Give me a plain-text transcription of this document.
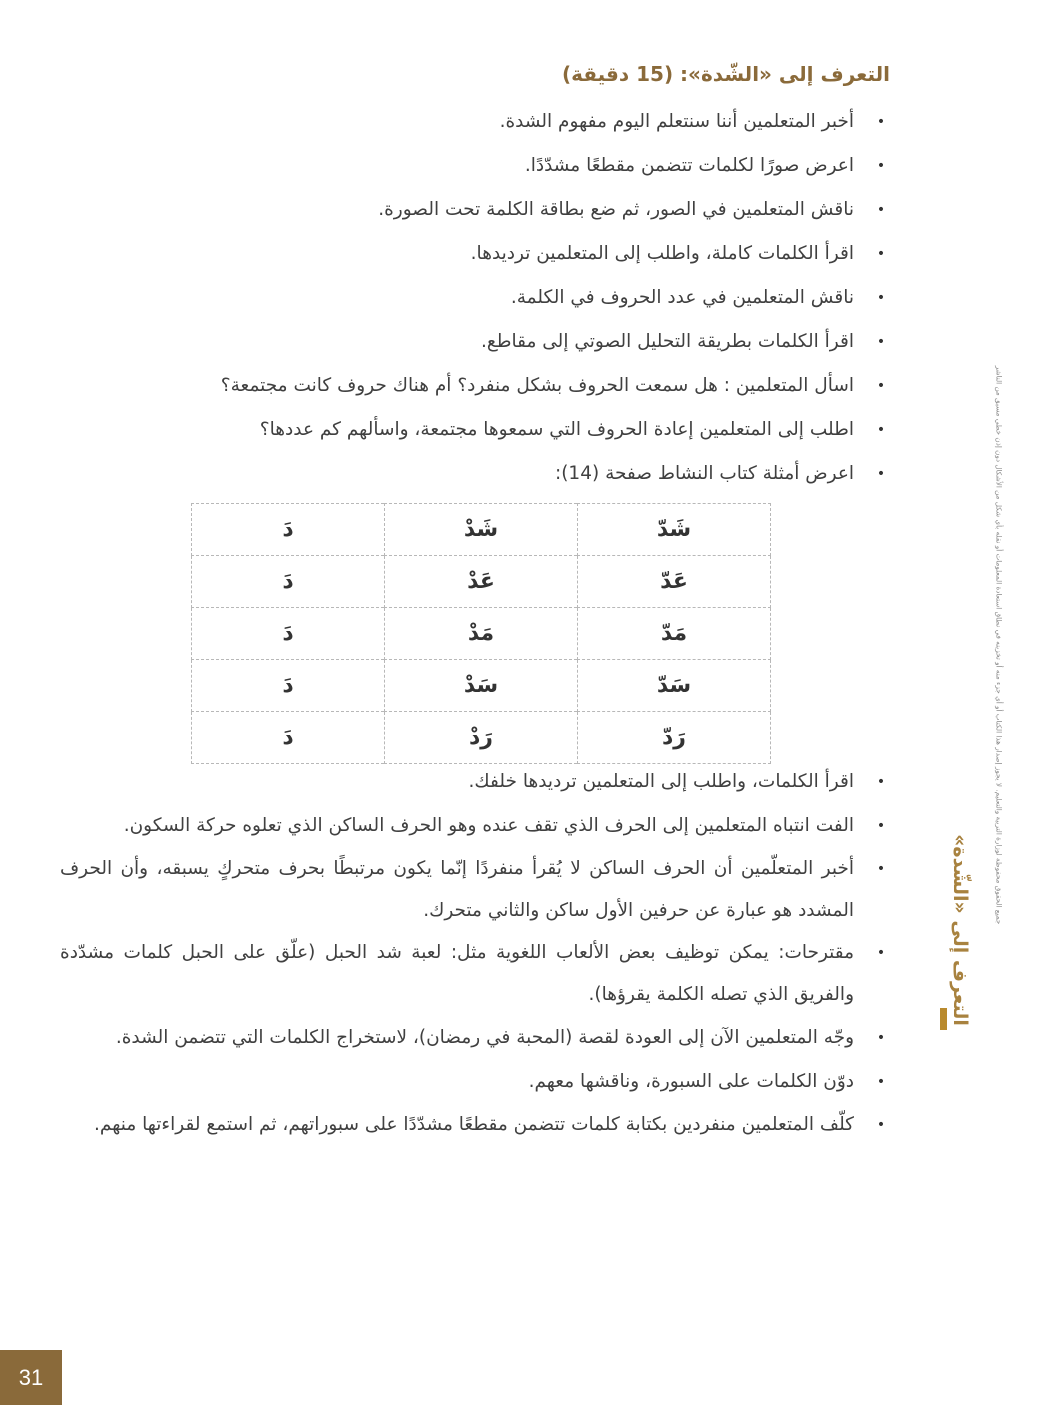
التعرف إلى «الشّدة»: (15 دقيقة)
•
أخبر المتعلمين أننا سنتعلم اليوم مفهوم الشدة.
•
اعرض صورًا لكلمات تتضمن مقطعًا مشدّدًا.
•
ناقش المتعلمين في الصور، ثم ضع بطاقة الكلمة تحت الصورة.
•
اقرأ الكلمات كاملة، واطلب إلى المتعلمين ترديدها.
•
ناقش المتعلمين في عدد الحروف في الكلمة.
•
اقرأ الكلمات بطريقة التحليل الصوتي إلى مقاطع.
•
اسأل المتعلمين : هل سمعت الحروف بشكل منفرد؟ أم هناك حروف كانت مجتمعة؟
•
اطلب إلى المتعلمين إعادة الحروف التي سمعوها مجتمعة، واسألهم كم عددها؟
•
اعرض أمثلة كتاب النشاط صفحة (14):
شَدّ	شَدْ	دَ
عَدّ	عَدْ	دَ
مَدّ	مَدْ	دَ
سَدّ	سَدْ	دَ
رَدّ	رَدْ	دَ
•
اقرأ الكلمات، واطلب إلى المتعلمين ترديدها خلفك.
•
الفت انتباه المتعلمين إلى الحرف الذي تقف عنده وهو الحرف الساكن الذي تعلوه حركة السكون.
•
أخبر المتعلّمين أن الحرف الساكن لا يُقرأ منفردًا إنّما يكون مرتبطًا بحرف متحركٍ يسبقه، وأن الحرف المشدد هو عبارة عن حرفين الأول ساكن والثاني متحرك.
•
مقترحات: يمكن توظيف بعض الألعاب اللغوية مثل: لعبة شد الحبل (علّق على الحبل كلمات مشدّدة والفريق الذي تصله الكلمة يقرؤها).
•
وجّه المتعلمين الآن إلى العودة لقصة (المحبة في رمضان)، لاستخراج الكلمات التي تتضمن الشدة.
•
دوّن الكلمات على السبورة، وناقشها معهم.
•
كلّف المتعلمين منفردين بكتابة كلمات تتضمن مقطعًا مشدّدًا على سبوراتهم، ثم استمع لقراءتها منهم.
جميع الحقوق محفوظة لوزارة التربية والتعليم. لا يجوز إصدار هذا الكتاب أو أي جزء منه أو تخزينه في نطاق استعادة المعلومات أو نقله بأي شكل من الأشكال دون إذن خطي مسبق من الناشر
التعرف إلى «الشّدة»
31
